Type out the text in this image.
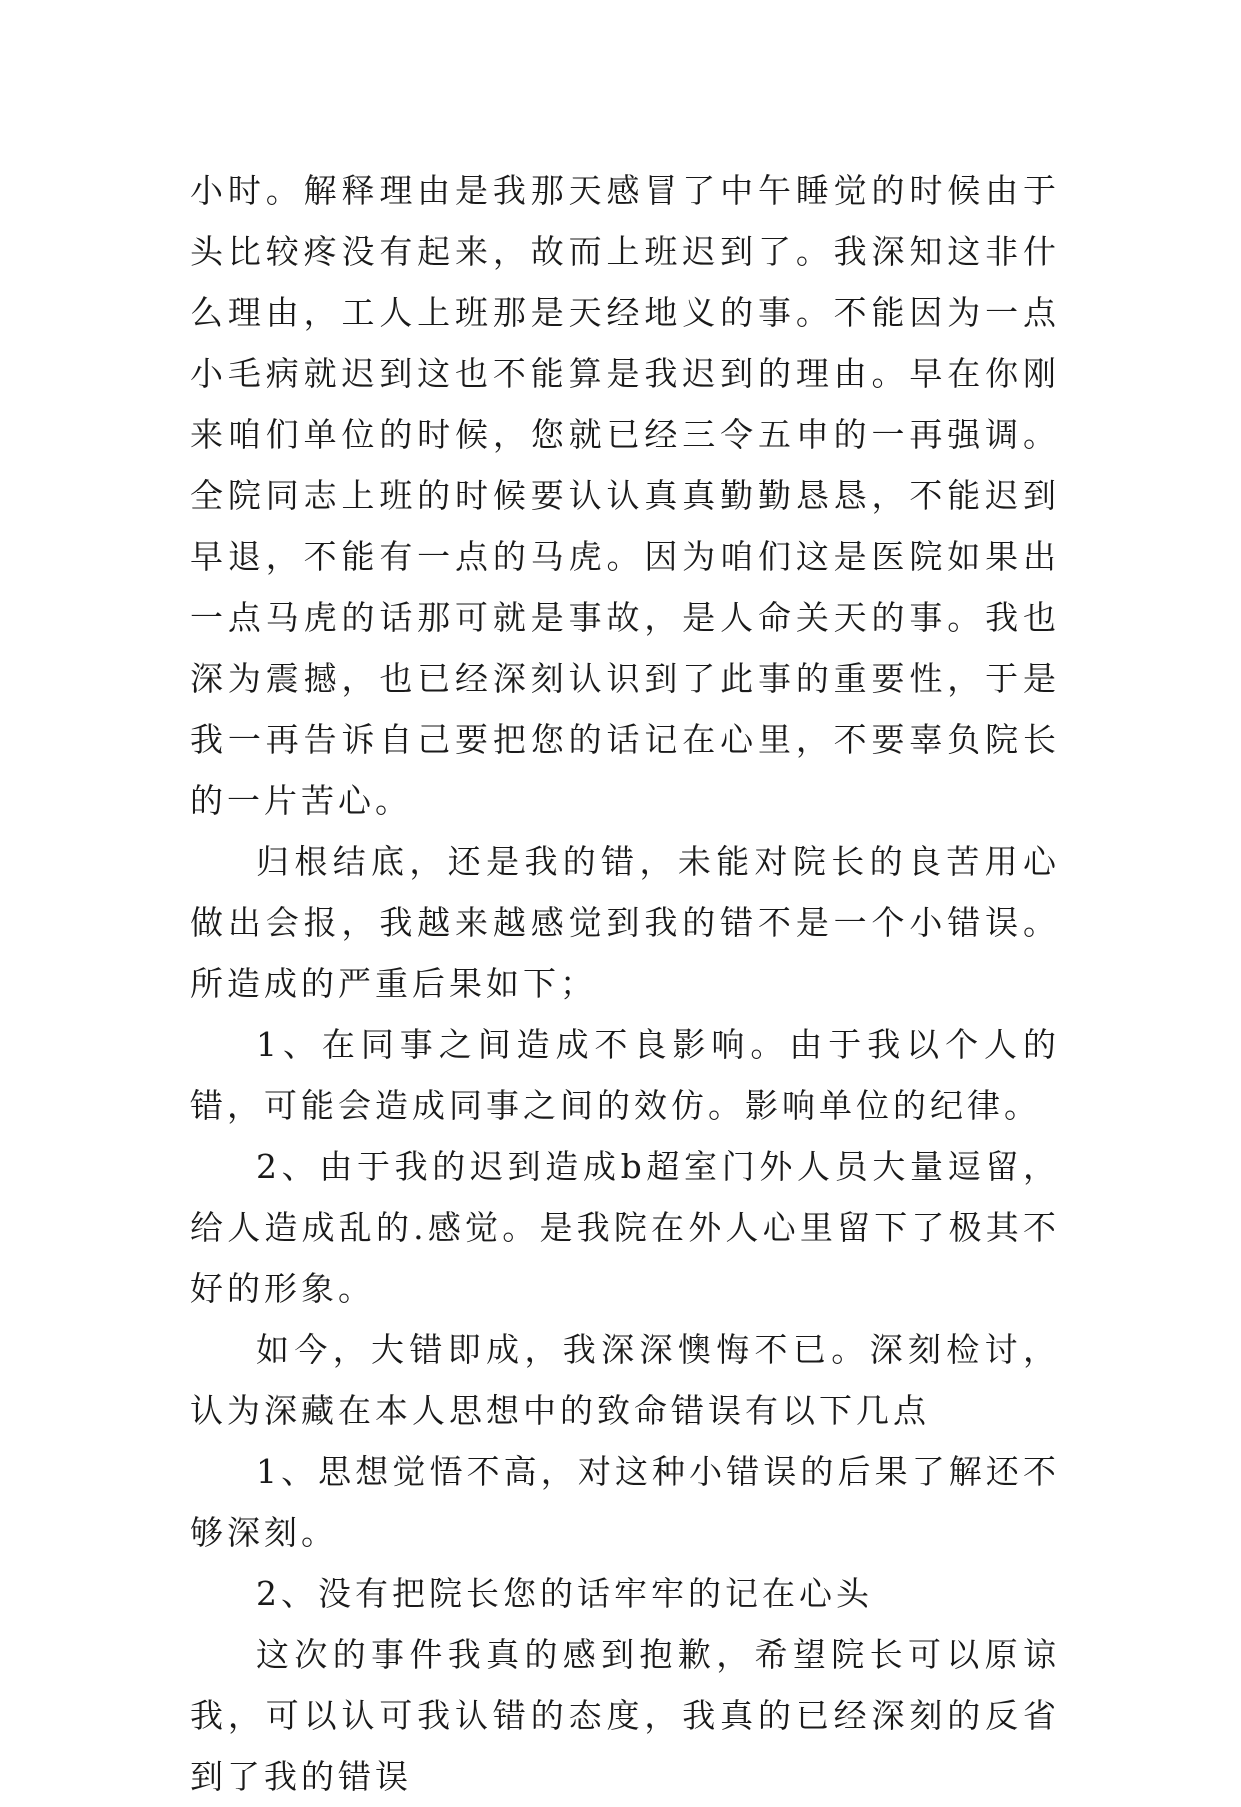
小时。解释理由是我那天感冒了中午睡觉的时候由于头比较疼没有起来，故而上班迟到了。我深知这非什么理由，工人上班那是天经地义的事。不能因为一点小毛病就迟到这也不能算是我迟到的理由。早在你刚来咱们单位的时候，您就已经三令五申的一再强调。全院同志上班的时候要认认真真勤勤恳恳，不能迟到早退，不能有一点的马虎。因为咱们这是医院如果出一点马虎的话那可就是事故，是人命关天的事。我也深为震撼，也已经深刻认识到了此事的重要性，于是我一再告诉自己要把您的话记在心里，不要辜负院长的一片苦心。

归根结底，还是我的错，未能对院长的良苦用心做出会报，我越来越感觉到我的错不是一个小错误。所造成的严重后果如下；

1、在同事之间造成不良影响。由于我以个人的错，可能会造成同事之间的效仿。影响单位的纪律。

2、由于我的迟到造成b超室门外人员大量逗留，给人造成乱的.感觉。是我院在外人心里留下了极其不好的形象。

如今，大错即成，我深深懊悔不已。深刻检讨，认为深藏在本人思想中的致命错误有以下几点

1、思想觉悟不高，对这种小错误的后果了解还不够深刻。

2、没有把院长您的话牢牢的记在心头

这次的事件我真的感到抱歉，希望院长可以原谅我，可以认可我认错的态度，我真的已经深刻的反省到了我的错误
